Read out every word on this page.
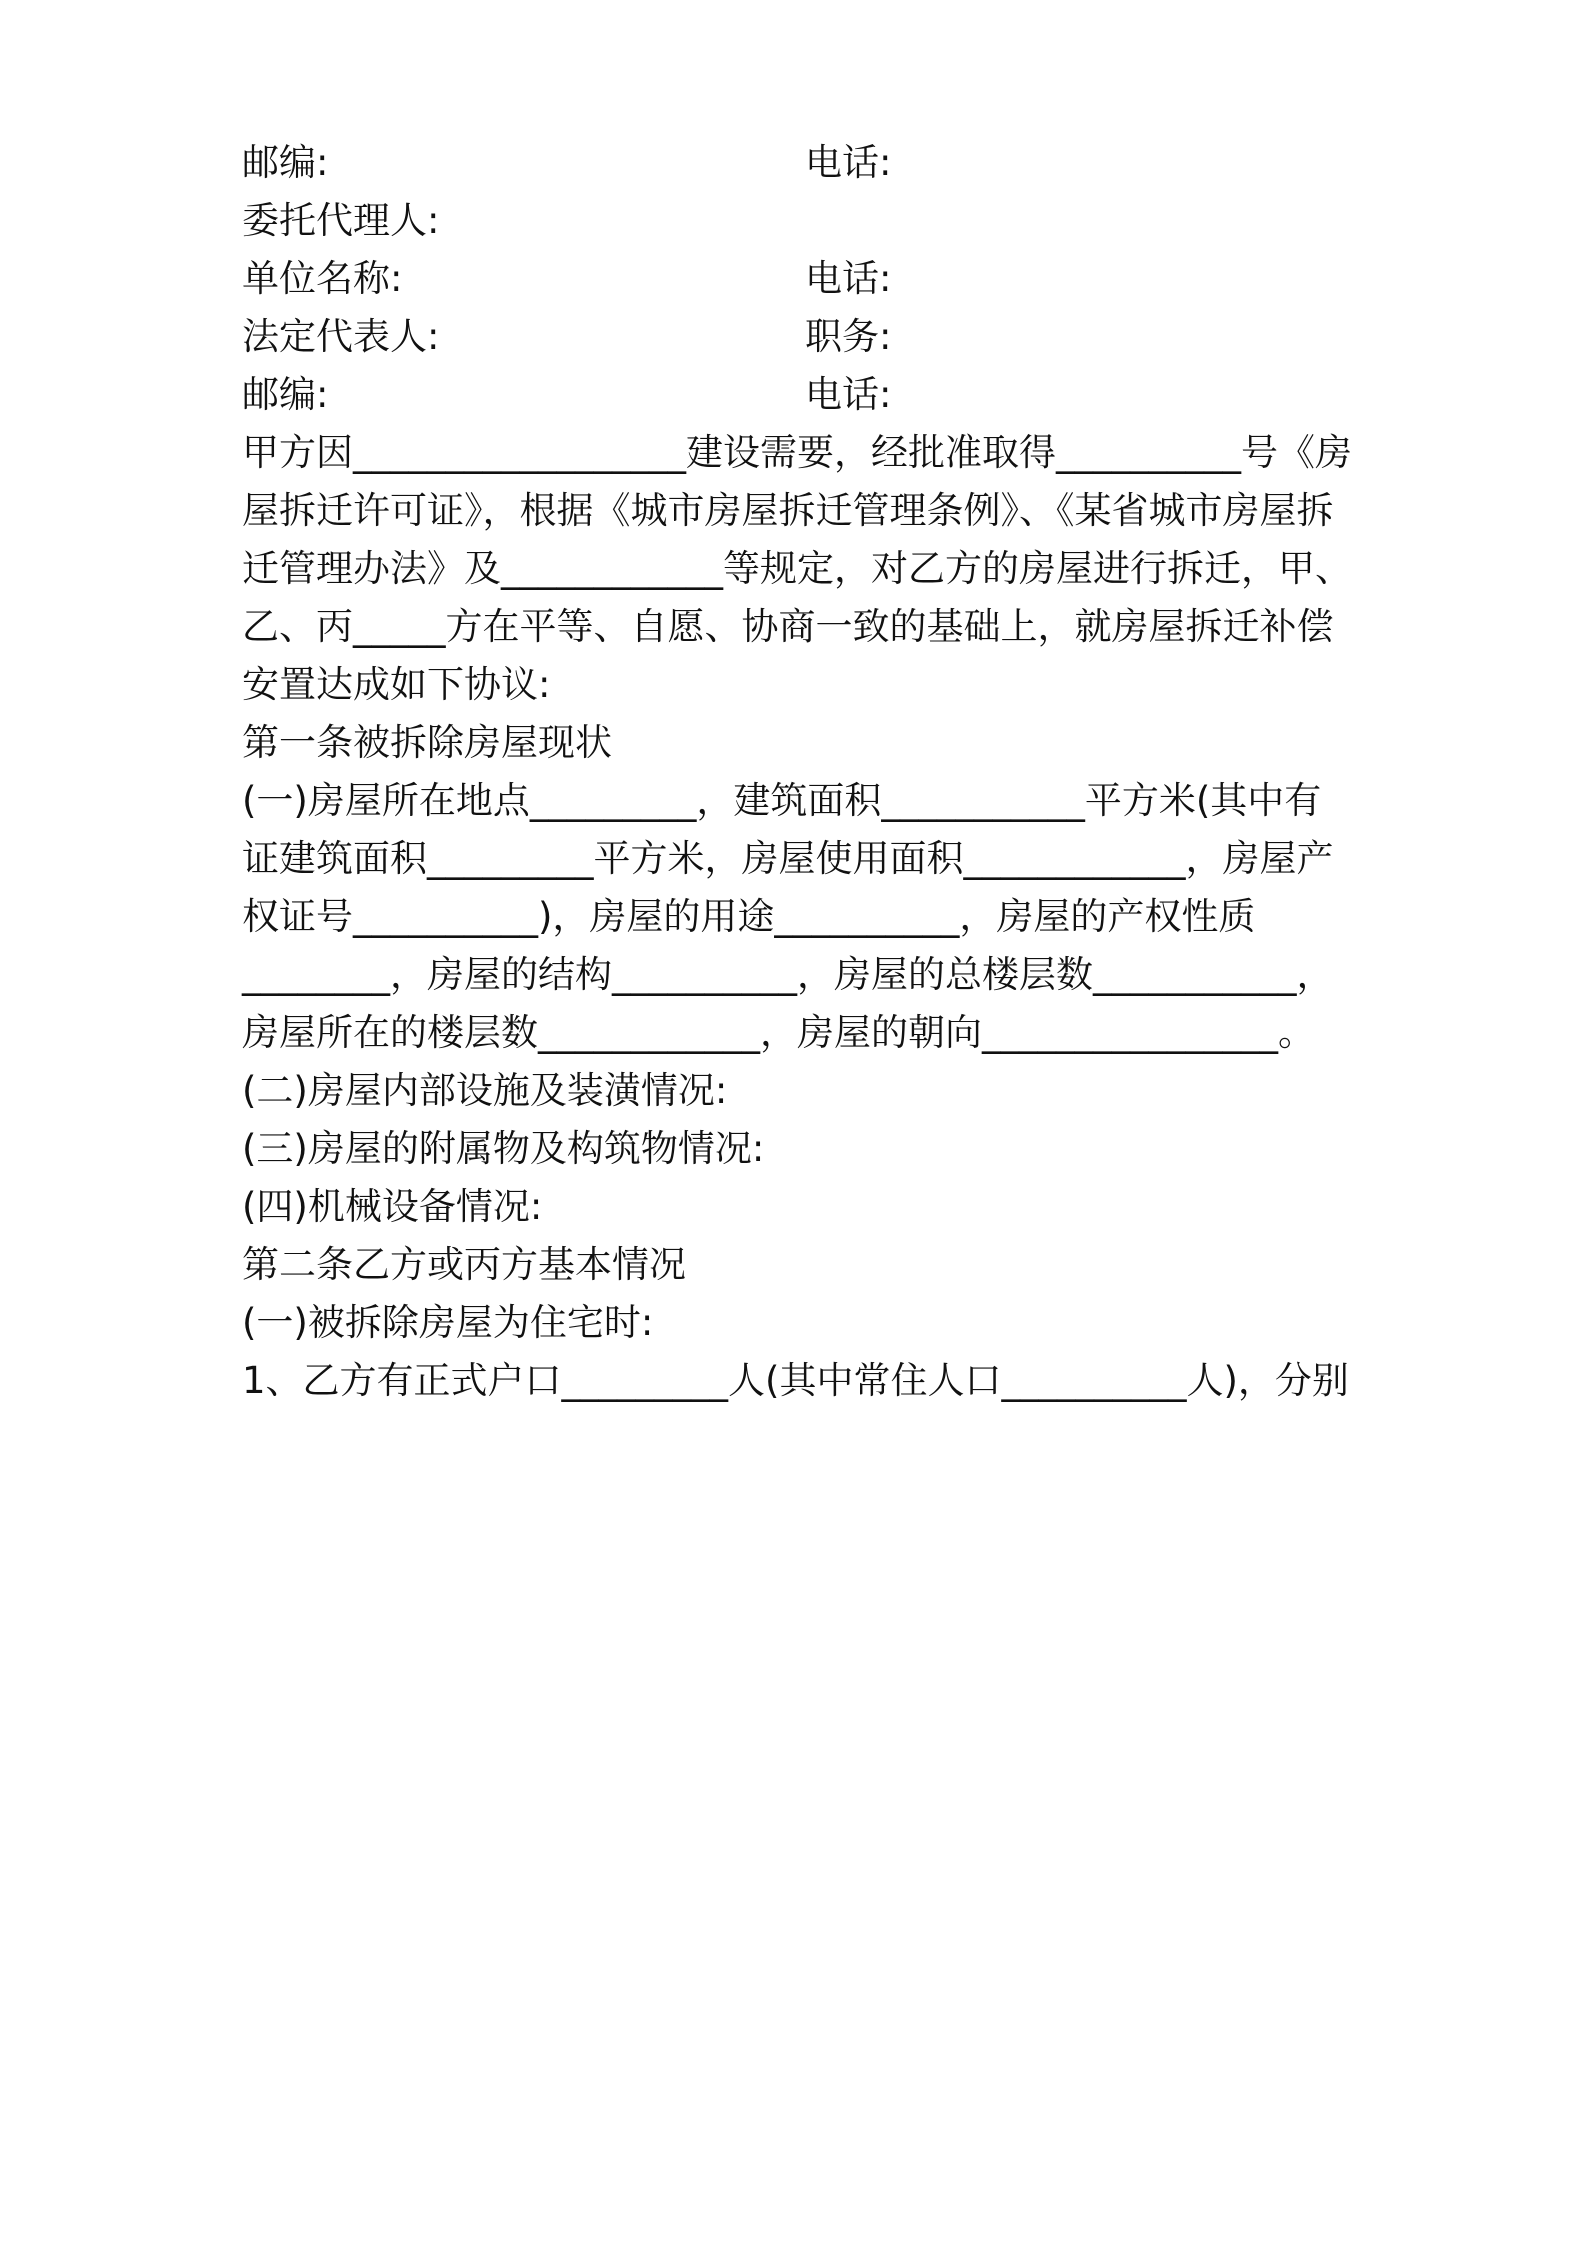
邮编:	电话:

委托代理人:

单位名称:	电话:

法定代表人:	职务:

邮编:	电话:

甲方因__________________建设需要，经批准取得__________号《房

屋拆迁许可证》，根据《城市房屋拆迁管理条例》、《某省城市房屋拆

迁管理办法》及____________等规定，对乙方的房屋进行拆迁，甲、

乙、丙_____方在平等、自愿、协商一致的基础上，就房屋拆迁补偿

安置达成如下协议:

第一条被拆除房屋现状

(一)房屋所在地点_________，建筑面积___________平方米(其中有

证建筑面积_________平方米，房屋使用面积____________，房屋产

权证号__________)，房屋的用途__________，房屋的产权性质

________，房屋的结构__________，房屋的总楼层数___________，

房屋所在的楼层数____________，房屋的朝向________________。

(二)房屋内部设施及装潢情况:

(三)房屋的附属物及构筑物情况:

(四)机械设备情况:

第二条乙方或丙方基本情况

(一)被拆除房屋为住宅时:

1、乙方有正式户口_________人(其中常住人口__________人)，分别
